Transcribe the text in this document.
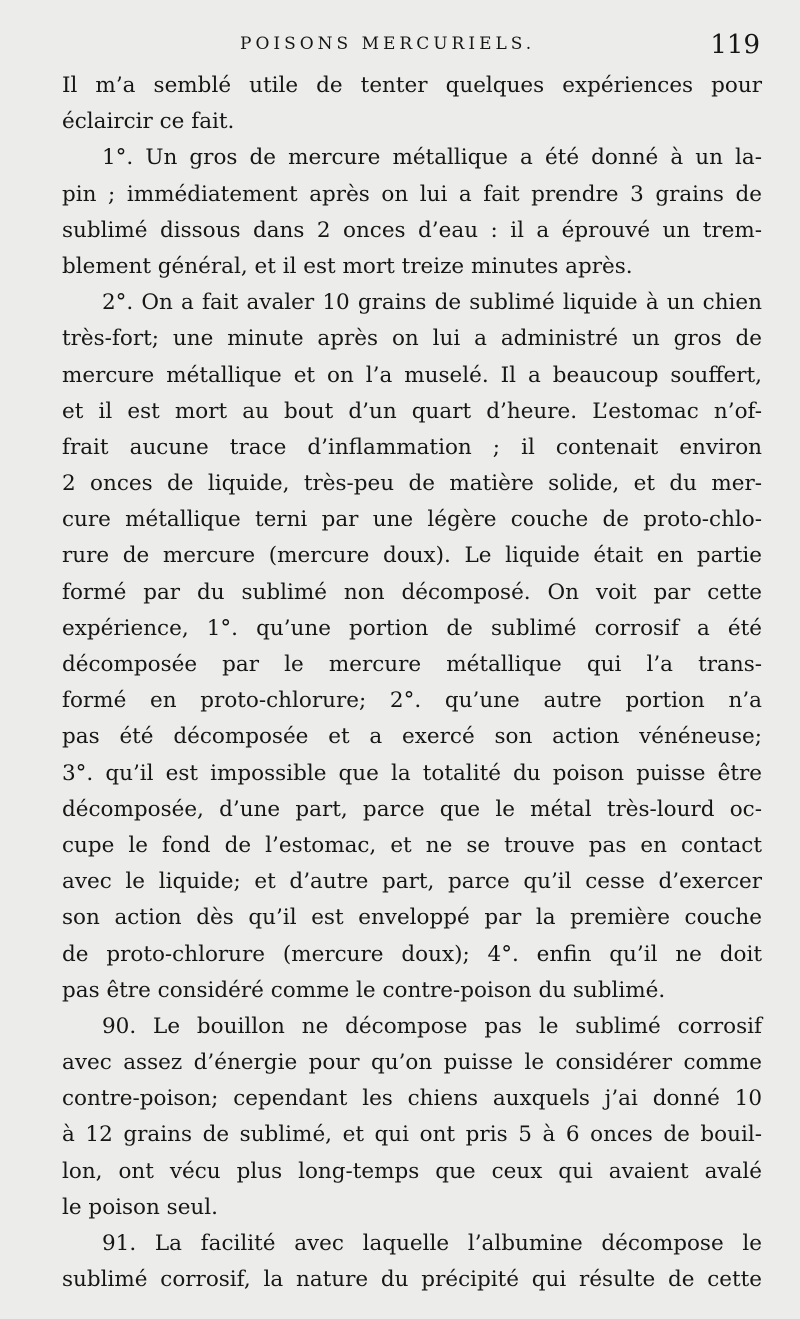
POISONS MERCURIELS.	119
Il m’a semblé utile de tenter quelques expériences pour
éclaircir ce fait.
1°. Un gros de mercure métallique a été donné à un la-
pin ; immédiatement après on lui a fait prendre 3 grains de
sublimé dissous dans 2 onces d’eau : il a éprouvé un trem-
blement général, et il est mort treize minutes après.
2°. On a fait avaler 10 grains de sublimé liquide à un chien
très-fort; une minute après on lui a administré un gros de
mercure métallique et on l’a muselé. Il a beaucoup souffert,
et il est mort au bout d’un quart d’heure. L’estomac n’of-
frait aucune trace d’inflammation ; il contenait environ
2 onces de liquide, très-peu de matière solide, et du mer-
cure métallique terni par une légère couche de proto-chlo-
rure de mercure (mercure doux). Le liquide était en partie
formé par du sublimé non décomposé. On voit par cette
expérience, 1°. qu’une portion de sublimé corrosif a été
décomposée par le mercure métallique qui l’a trans-
formé en proto-chlorure; 2°. qu’une autre portion n’a
pas été décomposée et a exercé son action vénéneuse;
3°. qu’il est impossible que la totalité du poison puisse être
décomposée, d’une part, parce que le métal très-lourd oc-
cupe le fond de l’estomac, et ne se trouve pas en contact
avec le liquide; et d’autre part, parce qu’il cesse d’exercer
son action dès qu’il est enveloppé par la première couche
de proto-chlorure (mercure doux); 4°. enfin qu’il ne doit
pas être considéré comme le contre-poison du sublimé.
90. Le bouillon ne décompose pas le sublimé corrosif
avec assez d’énergie pour qu’on puisse le considérer comme
contre-poison; cependant les chiens auxquels j’ai donné 10
à 12 grains de sublimé, et qui ont pris 5 à 6 onces de bouil-
lon, ont vécu plus long-temps que ceux qui avaient avalé
le poison seul.
91. La facilité avec laquelle l’albumine décompose le
sublimé corrosif, la nature du précipité qui résulte de cette
